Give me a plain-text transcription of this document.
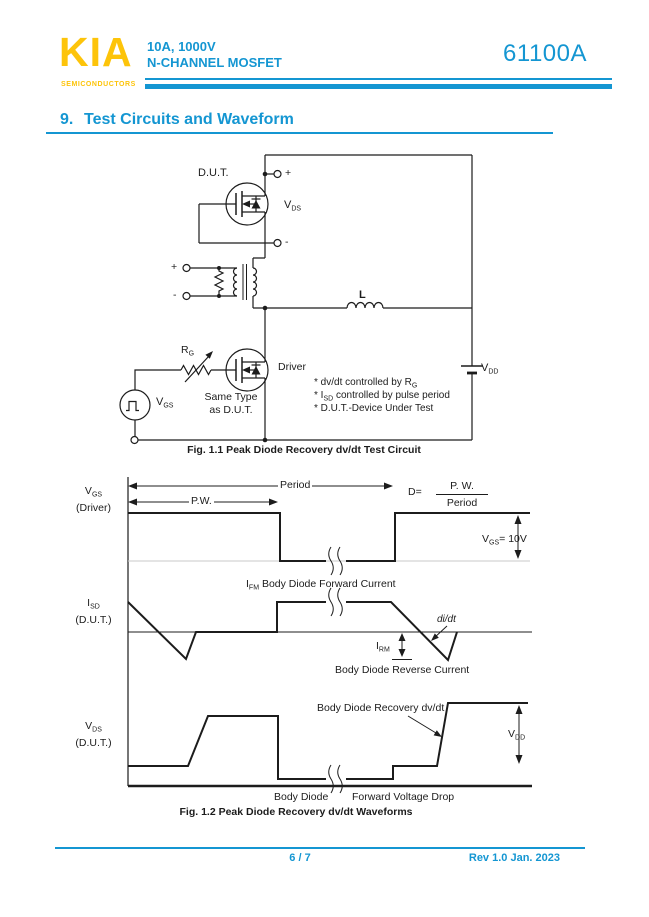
KIA
SEMICONDUCTORS
10A, 1000V
N-CHANNEL MOSFET	61100A
9. Test Circuits and Waveform
D.U.T.	+
$V_{DS}$
-
+
-	L
$R_G$
Driver
Same Type
as D.U.T.
$V_{GS}$
$V_{DD}$
* dv/dt controlled by $R_G$
* $I_{SD}$ controlled by pulse period
* D.U.T.-Device Under Test
Fig. 1.1 Peak Diode Recovery dv/dt Test Circuit
$V_{GS}$
(Driver)
P.W.
Period
D=	P. W.
Period
$V_{GS}= 10V$
$I_{FM}$ Body Diode Forward Current
$I_{SD}$
(D.U.T.)	di/dt
$I_{RM}$
Body Diode Reverse Current
$V_{DS}$
(D.U.T.)
Body Diode Recovery dv/dt
$V_{DD}$
Body Diode Forward Voltage Drop
Fig. 1.2 Peak Diode Recovery dv/dt Waveforms
6 / 7	Rev 1.0 Jan. 2023
